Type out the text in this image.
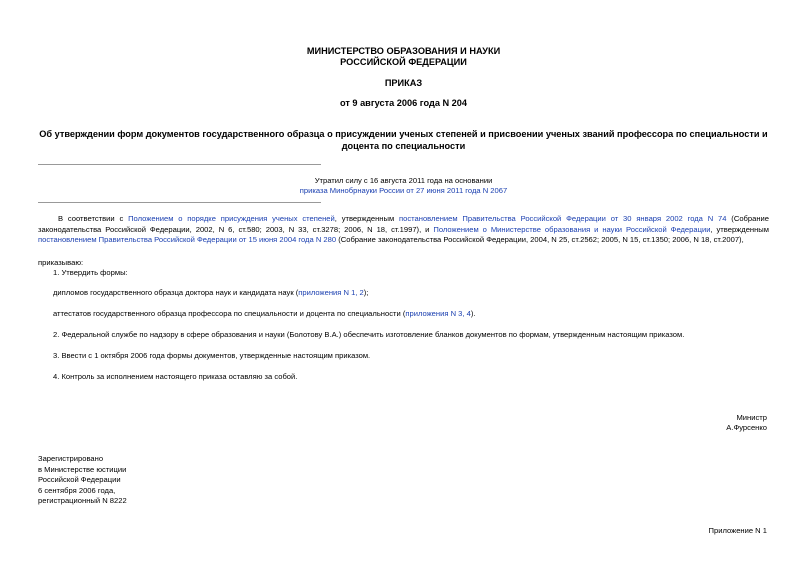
МИНИСТЕРСТВО ОБРАЗОВАНИЯ И НАУКИ
РОССИЙСКОЙ ФЕДЕРАЦИИ
ПРИКАЗ
от 9 августа 2006 года N 204
Об утверждении форм документов государственного образца о присуждении ученых степеней и присвоении ученых званий профессора по специальности и доцента по специальности
Утратил силу с 16 августа 2011 года на основании
приказа Минобрнауки России от 27 июня 2011 года N 2067
В соответствии с Положением о порядке присуждения ученых степеней, утвержденным постановлением Правительства Российской Федерации от 30 января 2002 года N 74 (Собрание законодательства Российской Федерации, 2002, N 6, ст.580; 2003, N 33, ст.3278; 2006, N 18, ст.1997), и Положением о Министерстве образования и науки Российской Федерации, утвержденным постановлением Правительства Российской Федерации от 15 июня 2004 года N 280 (Собрание законодательства Российской Федерации, 2004, N 25, ст.2562; 2005, N 15, ст.1350; 2006, N 18, ст.2007),
приказываю:
1. Утвердить формы:
дипломов государственного образца доктора наук и кандидата наук (приложения N 1, 2);
аттестатов государственного образца профессора по специальности и доцента по специальности (приложения N 3, 4).
2. Федеральной службе по надзору в сфере образования и науки (Болотову В.А.) обеспечить изготовление бланков документов по формам, утвержденным настоящим приказом.
3. Ввести с 1 октября 2006 года формы документов, утвержденные настоящим приказом.
4. Контроль за исполнением настоящего приказа оставляю за собой.
Министр
А.Фурсенко
Зарегистрировано
в Министерстве юстиции
Российской Федерации
6 сентября 2006 года,
регистрационный N 8222
Приложение N 1
